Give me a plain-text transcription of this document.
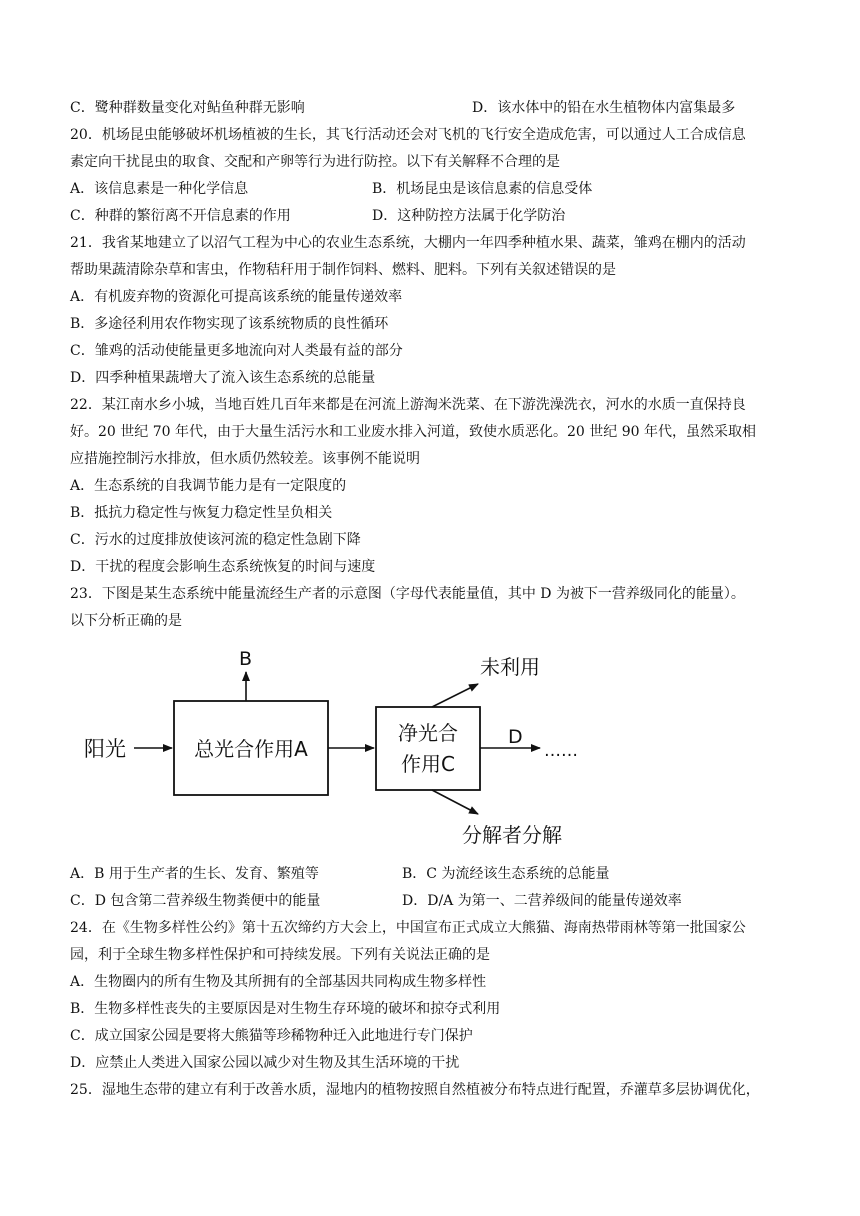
C．鹭种群数量变化对鲇鱼种群无影响	D．该水体中的铅在水生植物体内富集最多
20．机场昆虫能够破坏机场植被的生长，其飞行活动还会对飞机的飞行安全造成危害，可以通过人工合成信息
素定向干扰昆虫的取食、交配和产卵等行为进行防控。以下有关解释不合理的是
A．该信息素是一种化学信息	B．机场昆虫是该信息素的信息受体
C．种群的繁衍离不开信息素的作用	D．这种防控方法属于化学防治
21．我省某地建立了以沼气工程为中心的农业生态系统，大棚内一年四季种植水果、蔬菜，雏鸡在棚内的活动
帮助果蔬清除杂草和害虫，作物秸秆用于制作饲料、燃料、肥料。下列有关叙述错误的是
A．有机废弃物的资源化可提高该系统的能量传递效率
B．多途径利用农作物实现了该系统物质的良性循环
C．雏鸡的活动使能量更多地流向对人类最有益的部分
D．四季种植果蔬增大了流入该生态系统的总能量
22．某江南水乡小城，当地百姓几百年来都是在河流上游淘米洗菜、在下游洗澡洗衣，河水的水质一直保持良
好。20 世纪 70 年代，由于大量生活污水和工业废水排入河道，致使水质恶化。20 世纪 90 年代，虽然采取相
应措施控制污水排放，但水质仍然较差。该事例不能说明
A．生态系统的自我调节能力是有一定限度的
B．抵抗力稳定性与恢复力稳定性呈负相关
C．污水的过度排放使该河流的稳定性急剧下降
D．干扰的程度会影响生态系统恢复的时间与速度
23．下图是某生态系统中能量流经生产者的示意图（字母代表能量值，其中 D 为被下一营养级同化的能量）。
以下分析正确的是
阳光	总光合作用A
B
净光合
作用C
未利用
D
……
分解者分解
A．B 用于生产者的生长、发育、繁殖等	B．C 为流经该生态系统的总能量
C．D 包含第二营养级生物粪便中的能量	D．D/A 为第一、二营养级间的能量传递效率
24．在《生物多样性公约》第十五次缔约方大会上，中国宣布正式成立大熊猫、海南热带雨林等第一批国家公
园，利于全球生物多样性保护和可持续发展。下列有关说法正确的是
A．生物圈内的所有生物及其所拥有的全部基因共同构成生物多样性
B．生物多样性丧失的主要原因是对生物生存环境的破坏和掠夺式利用
C．成立国家公园是要将大熊猫等珍稀物种迁入此地进行专门保护
D．应禁止人类进入国家公园以减少对生物及其生活环境的干扰
25．湿地生态带的建立有利于改善水质，湿地内的植物按照自然植被分布特点进行配置，乔灌草多层协调优化，
